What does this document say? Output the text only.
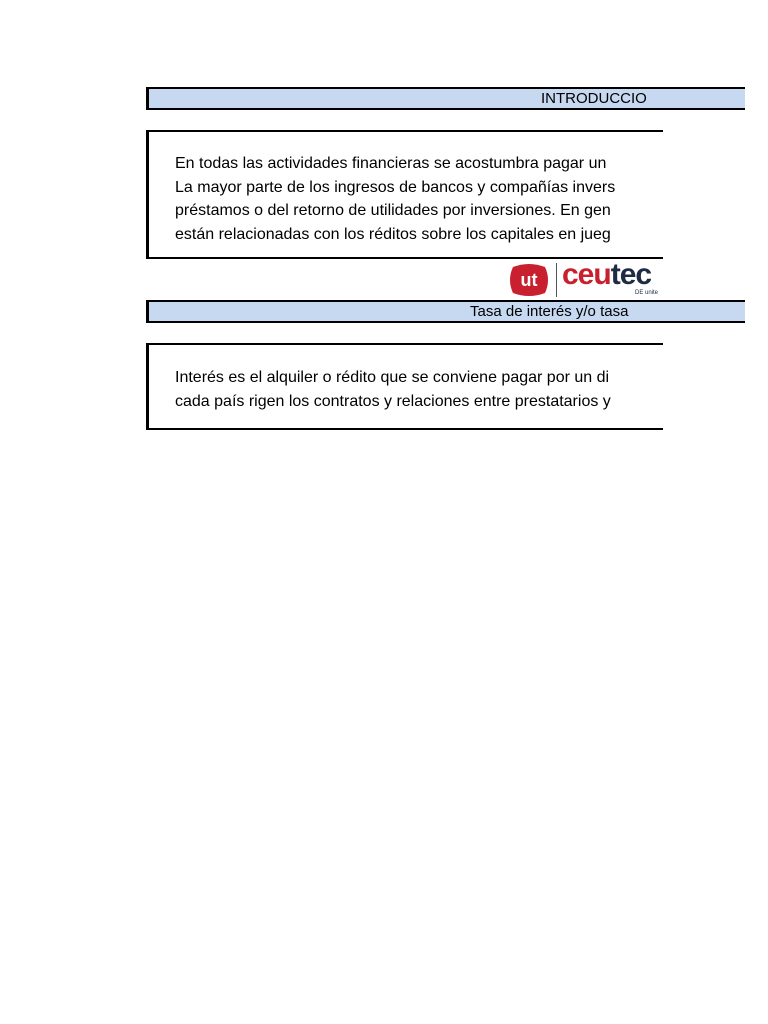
INTRODUCCIO
En todas las actividades financieras se acostumbra pagar un
La mayor parte de los ingresos de bancos y compañías invers
préstamos o del retorno de utilidades por inversiones. En gen
están relacionadas con los réditos sobre los capitales en jueg
ut ceutec
DE unite
Tasa de interés y/o tasa
Interés es el alquiler o rédito que se conviene pagar por un di
cada país rigen los contratos y relaciones entre prestatarios y
